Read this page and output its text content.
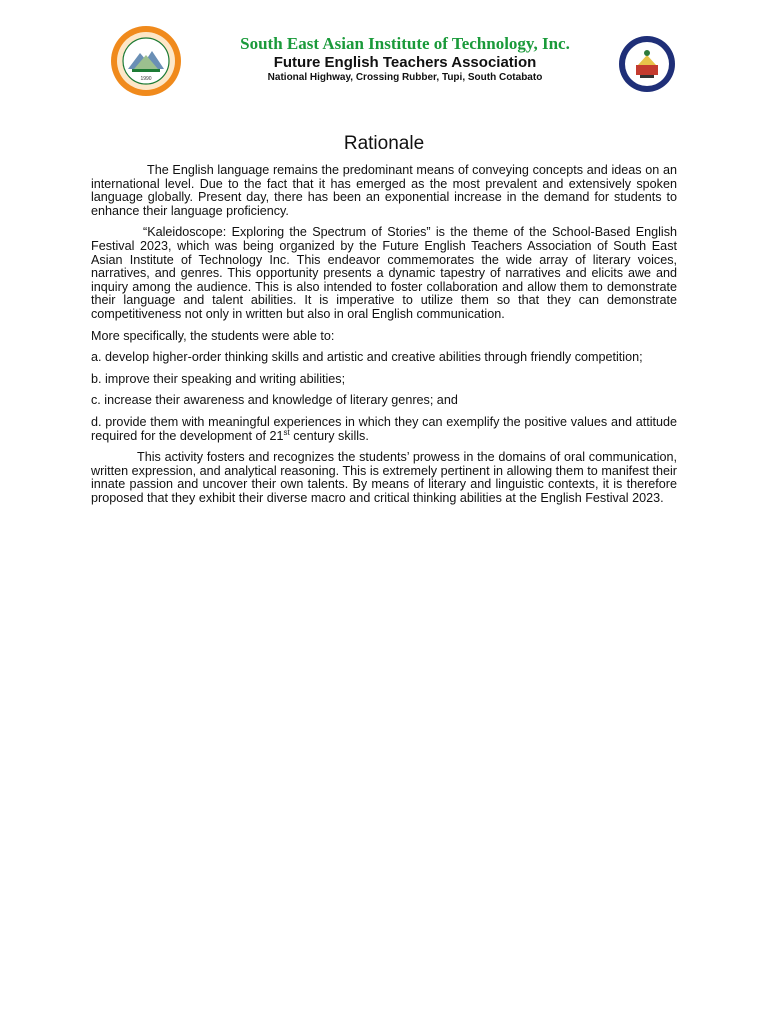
1990
South East Asian Institute of Technology, Inc.
Future English Teachers Association
National Highway, Crossing Rubber, Tupi, South Cotabato
Rationale

The English language remains the predominant means of conveying concepts and ideas on an international level. Due to the fact that it has emerged as the most prevalent and extensively spoken language globally. Present day, there has been an exponential increase in the demand for students to enhance their language proficiency.

“Kaleidoscope: Exploring the Spectrum of Stories” is the theme of the School-Based English Festival 2023, which was being organized by the Future English Teachers Association of South East Asian Institute of Technology Inc. This endeavor commemorates the wide array of literary voices, narratives, and genres. This opportunity presents a dynamic tapestry of narratives and elicits awe and inquiry among the audience. This is also intended to foster collaboration and allow them to demonstrate their language and talent abilities. It is imperative to utilize them so that they can demonstrate competitiveness not only in written but also in oral English communication.

More specifically, the students were able to:

a. develop higher-order thinking skills and artistic and creative abilities through friendly competition;

b. improve their speaking and writing abilities;

c. increase their awareness and knowledge of literary genres; and

d. provide them with meaningful experiences in which they can exemplify the positive values and attitude required for the development of 21st century skills.

This activity fosters and recognizes the students’ prowess in the domains of oral communication, written expression, and analytical reasoning. This is extremely pertinent in allowing them to manifest their innate passion and uncover their own talents. By means of literary and linguistic contexts, it is therefore proposed that they exhibit their diverse macro and critical thinking abilities at the English Festival 2023.
